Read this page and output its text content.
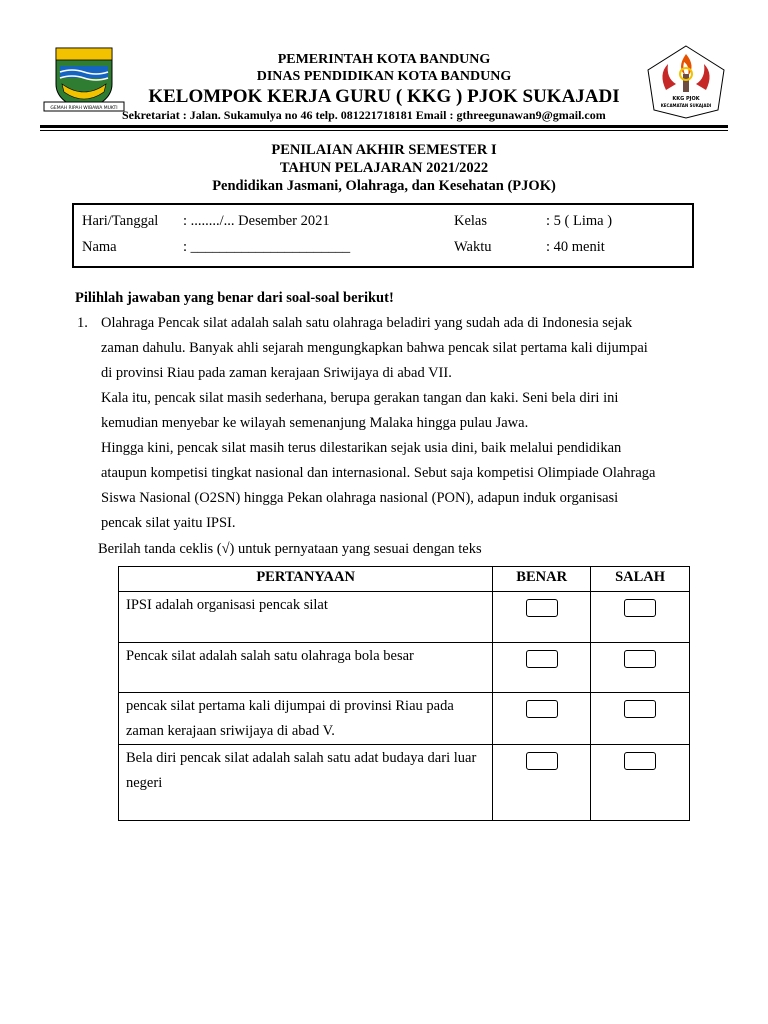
GEMAH RIPAH WIBAWA MUKTI
KKG PJOK
KECAMATAN SUKAJADI
PEMERINTAH KOTA BANDUNG
DINAS PENDIDIKAN KOTA BANDUNG
KELOMPOK KERJA GURU ( KKG ) PJOK SUKAJADI
Sekretariat : Jalan. Sukamulya no 46 telp. 081221718181 Email : gthreegunawan9@gmail.com
PENILAIAN AKHIR SEMESTER I
TAHUN PELAJARAN 2021/2022
Pendidikan Jasmani, Olahraga, dan Kesehatan (PJOK)
Hari/Tanggal : ......../... Desember 2021
Nama	: ______________________
Kelas	: 5 ( Lima )
Waktu	: 40 menit
Pilihlah jawaban yang benar dari soal-soal berikut!
1. Olahraga Pencak silat adalah salah satu olahraga beladiri yang sudah ada di Indonesia sejak
zaman dahulu. Banyak ahli sejarah mengungkapkan bahwa pencak silat pertama kali dijumpai
di provinsi Riau pada zaman kerajaan Sriwijaya di abad VII.
Kala itu, pencak silat masih sederhana, berupa gerakan tangan dan kaki. Seni bela diri ini
kemudian menyebar ke wilayah semenanjung Malaka hingga pulau Jawa.
Hingga kini, pencak silat masih terus dilestarikan sejak usia dini, baik melalui pendidikan
ataupun kompetisi tingkat nasional dan internasional. Sebut saja kompetisi Olimpiade Olahraga
Siswa Nasional (O2SN) hingga Pekan olahraga nasional (PON), adapun induk organisasi
pencak silat yaitu IPSI.
Berilah tanda ceklis (√) untuk pernyataan yang sesuai dengan teks
PERTANYAAN	BENAR	SALAH
IPSI adalah organisasi pencak silat		
Pencak silat adalah salah satu olahraga bola besar		
pencak silat pertama kali dijumpai di provinsi Riau pada zaman kerajaan sriwijaya di abad V.		
Bela diri pencak silat adalah salah satu adat budaya dari luar negeri		
